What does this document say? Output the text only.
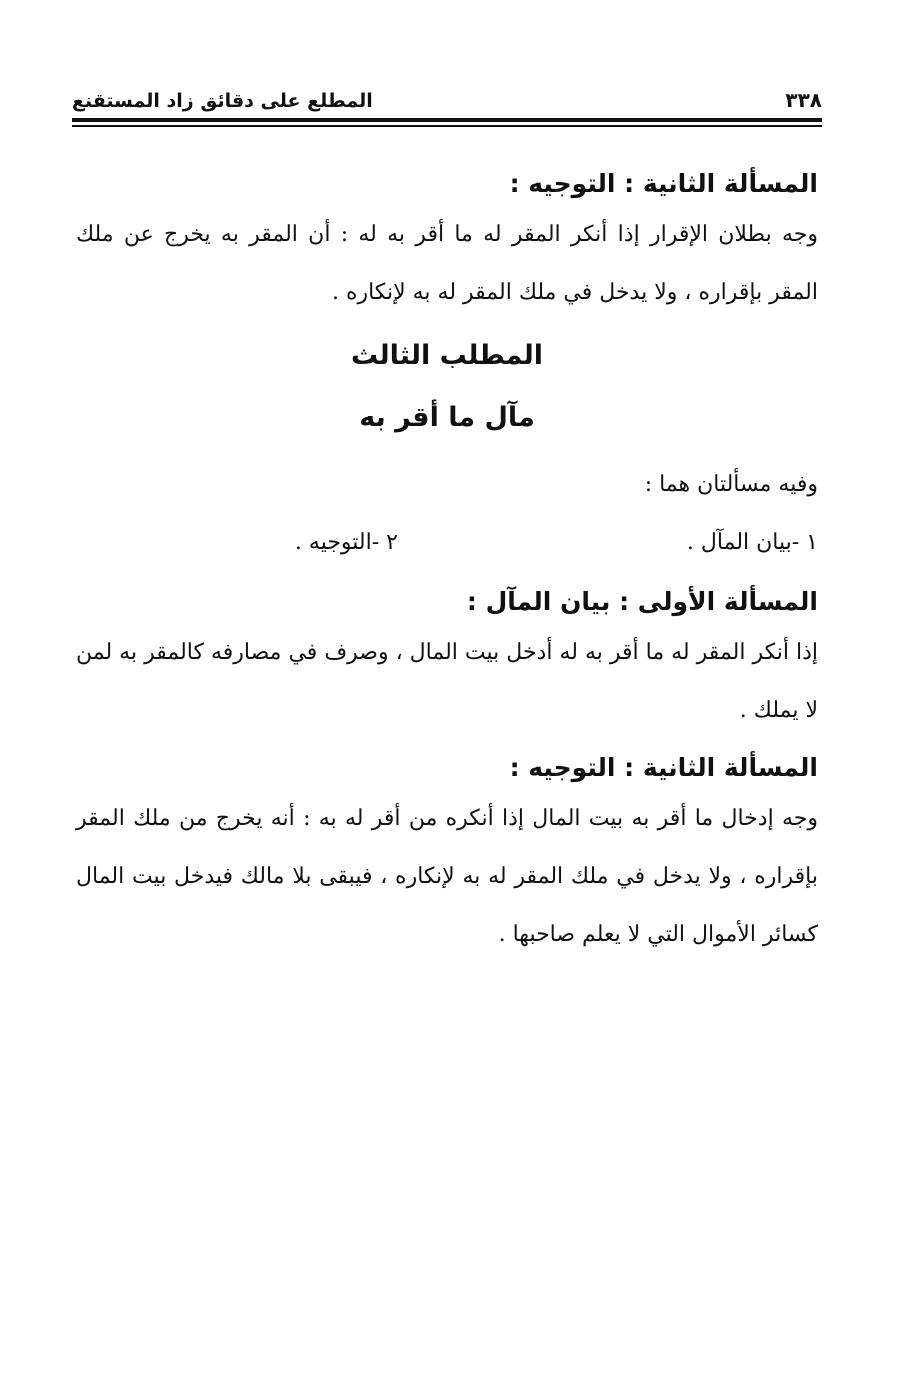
٣٣٨
المطلع على دقائق زاد المستقنع

المسألة الثانية : التوجيه :

وجه بطلان الإقرار إذا أنكر المقر له ما أقر به له : أن المقر به يخرج عن ملك المقر بإقراره ، ولا يدخل في ملك المقر له به لإنكاره .

المطلب الثالث

مآل ما أقر به

وفيه مسألتان هما :

١ -بيان المآل .
٢ -التوجيه .

المسألة الأولى : بيان المآل :

إذا أنكر المقر له ما أقر به له أدخل بيت المال ، وصرف في مصارفه كالمقر به لمن لا يملك .

المسألة الثانية : التوجيه :

وجه إدخال ما أقر به بيت المال إذا أنكره من أقر له به : أنه يخرج من ملك المقر بإقراره ، ولا يدخل في ملك المقر له به لإنكاره ، فيبقى بلا مالك فيدخل بيت المال كسائر الأموال التي لا يعلم صاحبها .
